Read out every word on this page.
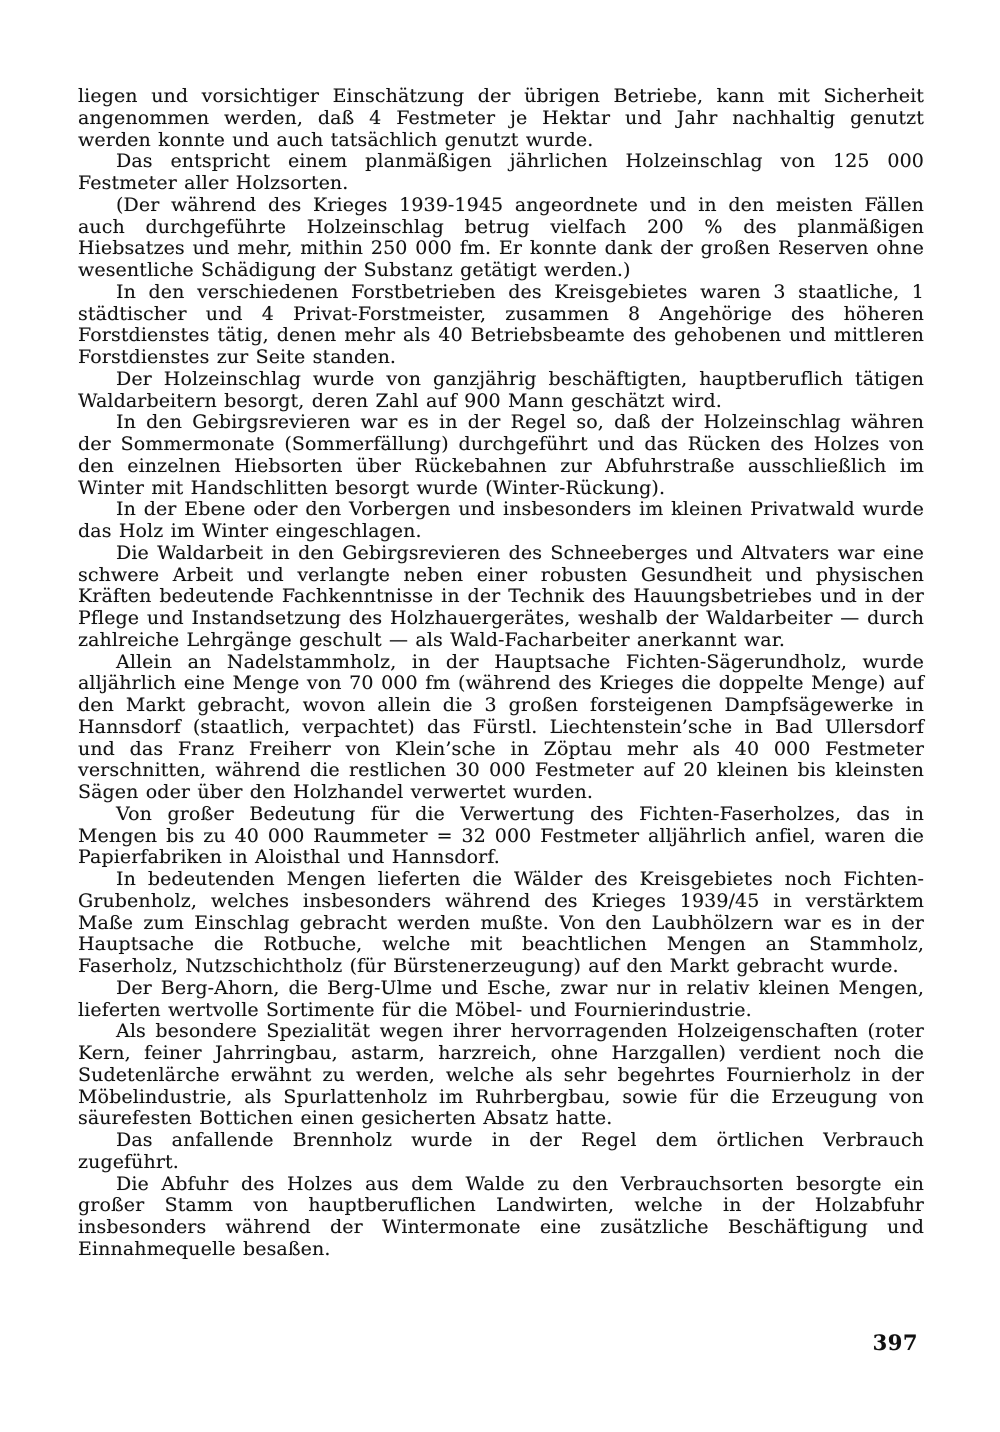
liegen und vorsichtiger Einschätzung der übrigen Betriebe, kann mit Sicherheit angenommen werden, daß 4 Festmeter je Hektar und Jahr nachhaltig genutzt werden konnte und auch tatsächlich genutzt wurde.

Das entspricht einem planmäßigen jährlichen Holzeinschlag von 125 000 Festmeter aller Holzsorten.

(Der während des Krieges 1939-1945 angeordnete und in den meisten Fällen auch durchgeführte Holzeinschlag betrug vielfach 200 % des planmäßigen Hiebsatzes und mehr, mithin 250 000 fm. Er konnte dank der großen Reserven ohne wesentliche Schädigung der Substanz getätigt werden.)

In den verschiedenen Forstbetrieben des Kreisgebietes waren 3 staatliche, 1 städtischer und 4 Privat-Forstmeister, zusammen 8 Angehörige des höheren Forstdienstes tätig, denen mehr als 40 Betriebsbeamte des gehobenen und mittleren Forstdienstes zur Seite standen.

Der Holzeinschlag wurde von ganzjährig beschäftigten, hauptberuflich tätigen Waldarbeitern besorgt, deren Zahl auf 900 Mann geschätzt wird.

In den Gebirgsrevieren war es in der Regel so, daß der Holzeinschlag währen der Sommermonate (Sommerfällung) durchgeführt und das Rücken des Holzes von den einzelnen Hiebsorten über Rückebahnen zur Abfuhrstraße ausschließlich im Winter mit Handschlitten besorgt wurde (Winter-Rückung).

In der Ebene oder den Vorbergen und insbesonders im kleinen Privatwald wurde das Holz im Winter eingeschlagen.

Die Waldarbeit in den Gebirgsrevieren des Schneeberges und Altvaters war eine schwere Arbeit und verlangte neben einer robusten Gesundheit und physischen Kräften bedeutende Fachkenntnisse in der Technik des Hauungsbetriebes und in der Pflege und Instandsetzung des Holzhauergerätes, weshalb der Waldarbeiter — durch zahlreiche Lehrgänge geschult — als Wald-Facharbeiter anerkannt war.

Allein an Nadelstammholz, in der Hauptsache Fichten-Sägerundholz, wurde alljährlich eine Menge von 70 000 fm (während des Krieges die doppelte Menge) auf den Markt gebracht, wovon allein die 3 großen forsteigenen Dampfsägewerke in Hannsdorf (staatlich, verpachtet) das Fürstl. Liechtenstein’sche in Bad Ullersdorf und das Franz Freiherr von Klein’sche in Zöptau mehr als 40 000 Festmeter verschnitten, während die restlichen 30 000 Festmeter auf 20 kleinen bis kleinsten Sägen oder über den Holzhandel verwertet wurden.

Von großer Bedeutung für die Verwertung des Fichten-Faserholzes, das in Mengen bis zu 40 000 Raummeter = 32 000 Festmeter alljährlich anfiel, waren die Papierfabriken in Aloisthal und Hannsdorf.

In bedeutenden Mengen lieferten die Wälder des Kreisgebietes noch Fichten-Grubenholz, welches insbesonders während des Krieges 1939/45 in verstärktem Maße zum Einschlag gebracht werden mußte. Von den Laubhölzern war es in der Hauptsache die Rotbuche, welche mit beachtlichen Mengen an Stammholz, Faserholz, Nutzschichtholz (für Bürstenerzeugung) auf den Markt gebracht wurde.

Der Berg-Ahorn, die Berg-Ulme und Esche, zwar nur in relativ kleinen Mengen, lieferten wertvolle Sortimente für die Möbel- und Fournierindustrie.

Als besondere Spezialität wegen ihrer hervorragenden Holzeigenschaften (roter Kern, feiner Jahrringbau, astarm, harzreich, ohne Harzgallen) verdient noch die Sudetenlärche erwähnt zu werden, welche als sehr begehrtes Fournierholz in der Möbelindustrie, als Spurlattenholz im Ruhrbergbau, sowie für die Erzeugung von säurefesten Bottichen einen gesicherten Absatz hatte.

Das anfallende Brennholz wurde in der Regel dem örtlichen Verbrauch zugeführt.

Die Abfuhr des Holzes aus dem Walde zu den Verbrauchsorten besorgte ein großer Stamm von hauptberuflichen Landwirten, welche in der Holzabfuhr insbesonders während der Wintermonate eine zusätzliche Beschäftigung und Einnahmequelle besaßen.

397
